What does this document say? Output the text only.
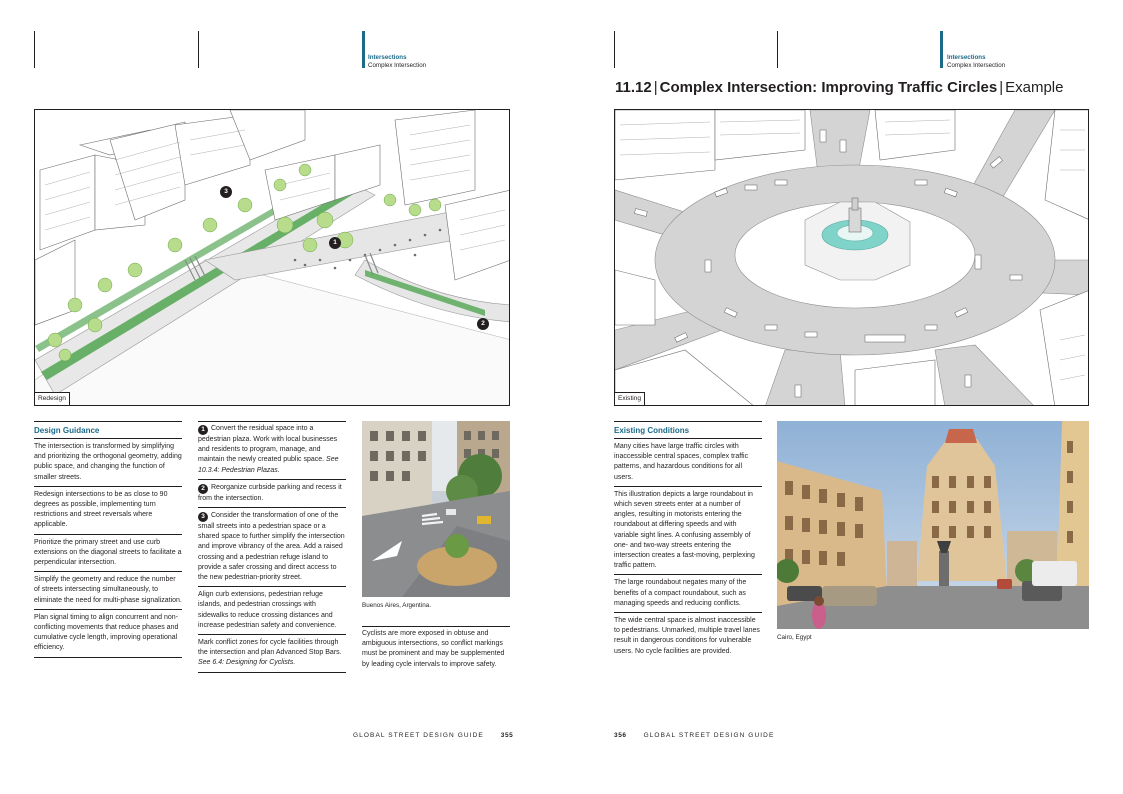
Intersections
Complex Intersection
3
1
2
Redesign
Design Guidance
The intersection is transformed by simplifying and prioritizing the orthogonal geometry, adding public space, and changing the function of smaller streets.
Redesign intersections to be as close to 90 degrees as possible, implementing turn restrictions and street reversals where applicable.
Prioritize the primary street and use curb extensions on the diagonal streets to facilitate a perpendicular intersection.
Simplify the geometry and reduce the number of streets intersecting simultaneously, to eliminate the need for multi-phase signalization.
Plan signal timing to align concurrent and non-conflicting movements that reduce phases and cumulative cycle length, improving operational efficiency.
1 Convert the residual space into a pedestrian plaza. Work with local businesses and residents to program, manage, and maintain the newly created public space. See 10.3.4: Pedestrian Plazas.
2 Reorganize curbside parking and recess it from the intersection.
3 Consider the transformation of one of the small streets into a pedestrian space or a shared space to further simplify the intersection and improve vibrancy of the area. Add a raised crossing and a pedestrian refuge island to provide a safer crossing and direct access to the new pedestrian-priority street.
Align curb extensions, pedestrian refuge islands, and pedestrian crossings with sidewalks to reduce crossing distances and increase pedestrian safety and convenience.
Mark conflict zones for cycle facilities through the intersection and plan Advanced Stop Bars. See 6.4: Designing for Cyclists.
Buenos Aires, Argentina.
Cyclists are more exposed in obtuse and ambiguous intersections, so conflict markings must be prominent and may be supplemented by leading cycle intervals to improve safety.
GLOBAL STREET DESIGN GUIDE	355
Intersections
Complex Intersection
11.12 | Complex Intersection: Improving Traffic Circles | Example
Existing
Existing Conditions
Many cities have large traffic circles with inaccessible central spaces, complex traffic patterns, and hazardous conditions for all users.
This illustration depicts a large roundabout in which seven streets enter at a number of angles, resulting in motorists entering the roundabout at differing speeds and with variable sight lines. A confusing assembly of one- and two-way streets entering the intersection creates a fast-moving, perplexing traffic pattern.
The large roundabout negates many of the benefits of a compact roundabout, such as managing speeds and reducing conflicts.
The wide central space is almost inaccessible to pedestrians. Unmarked, multiple travel lanes result in dangerous conditions for vulnerable users. No cycle facilities are provided.
Cairo, Egypt
356	GLOBAL STREET DESIGN GUIDE
